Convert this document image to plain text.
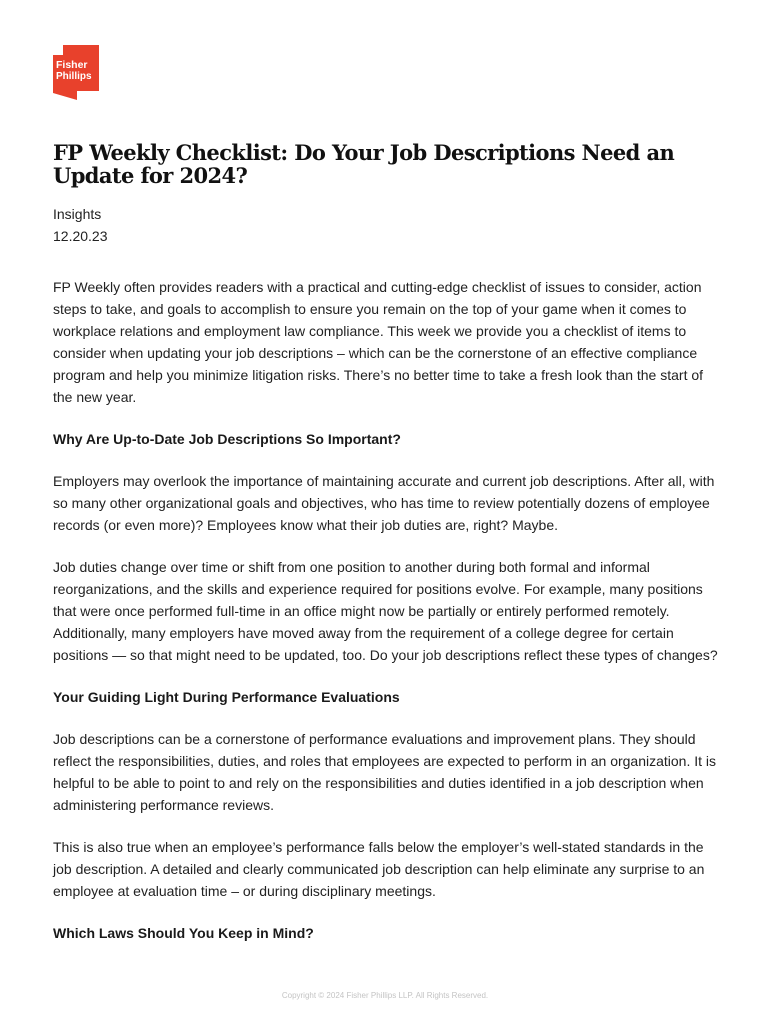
Fisher
Phillips
FP Weekly Checklist: Do Your Job Descriptions Need an Update for 2024?
Insights
12.20.23

FP Weekly often provides readers with a practical and cutting-edge checklist of issues to consider, action steps to take, and goals to accomplish to ensure you remain on the top of your game when it comes to workplace relations and employment law compliance. This week we provide you a checklist of items to consider when updating your job descriptions – which can be the cornerstone of an effective compliance program and help you minimize litigation risks. There’s no better time to take a fresh look than the start of the new year.

Why Are Up-to-Date Job Descriptions So Important?

Employers may overlook the importance of maintaining accurate and current job descriptions. After all, with so many other organizational goals and objectives, who has time to review potentially dozens of employee records (or even more)? Employees know what their job duties are, right? Maybe.

Job duties change over time or shift from one position to another during both formal and informal reorganizations, and the skills and experience required for positions evolve. For example, many positions that were once performed full-time in an office might now be partially or entirely performed remotely. Additionally, many employers have moved away from the requirement of a college degree for certain positions — so that might need to be updated, too. Do your job descriptions reflect these types of changes?

Your Guiding Light During Performance Evaluations

Job descriptions can be a cornerstone of performance evaluations and improvement plans. They should reflect the responsibilities, duties, and roles that employees are expected to perform in an organization. It is helpful to be able to point to and rely on the responsibilities and duties identified in a job description when administering performance reviews.

This is also true when an employee’s performance falls below the employer’s well-stated standards in the job description. A detailed and clearly communicated job description can help eliminate any surprise to an employee at evaluation time – or during disciplinary meetings.

Which Laws Should You Keep in Mind?
Copyright © 2024 Fisher Phillips LLP. All Rights Reserved.
